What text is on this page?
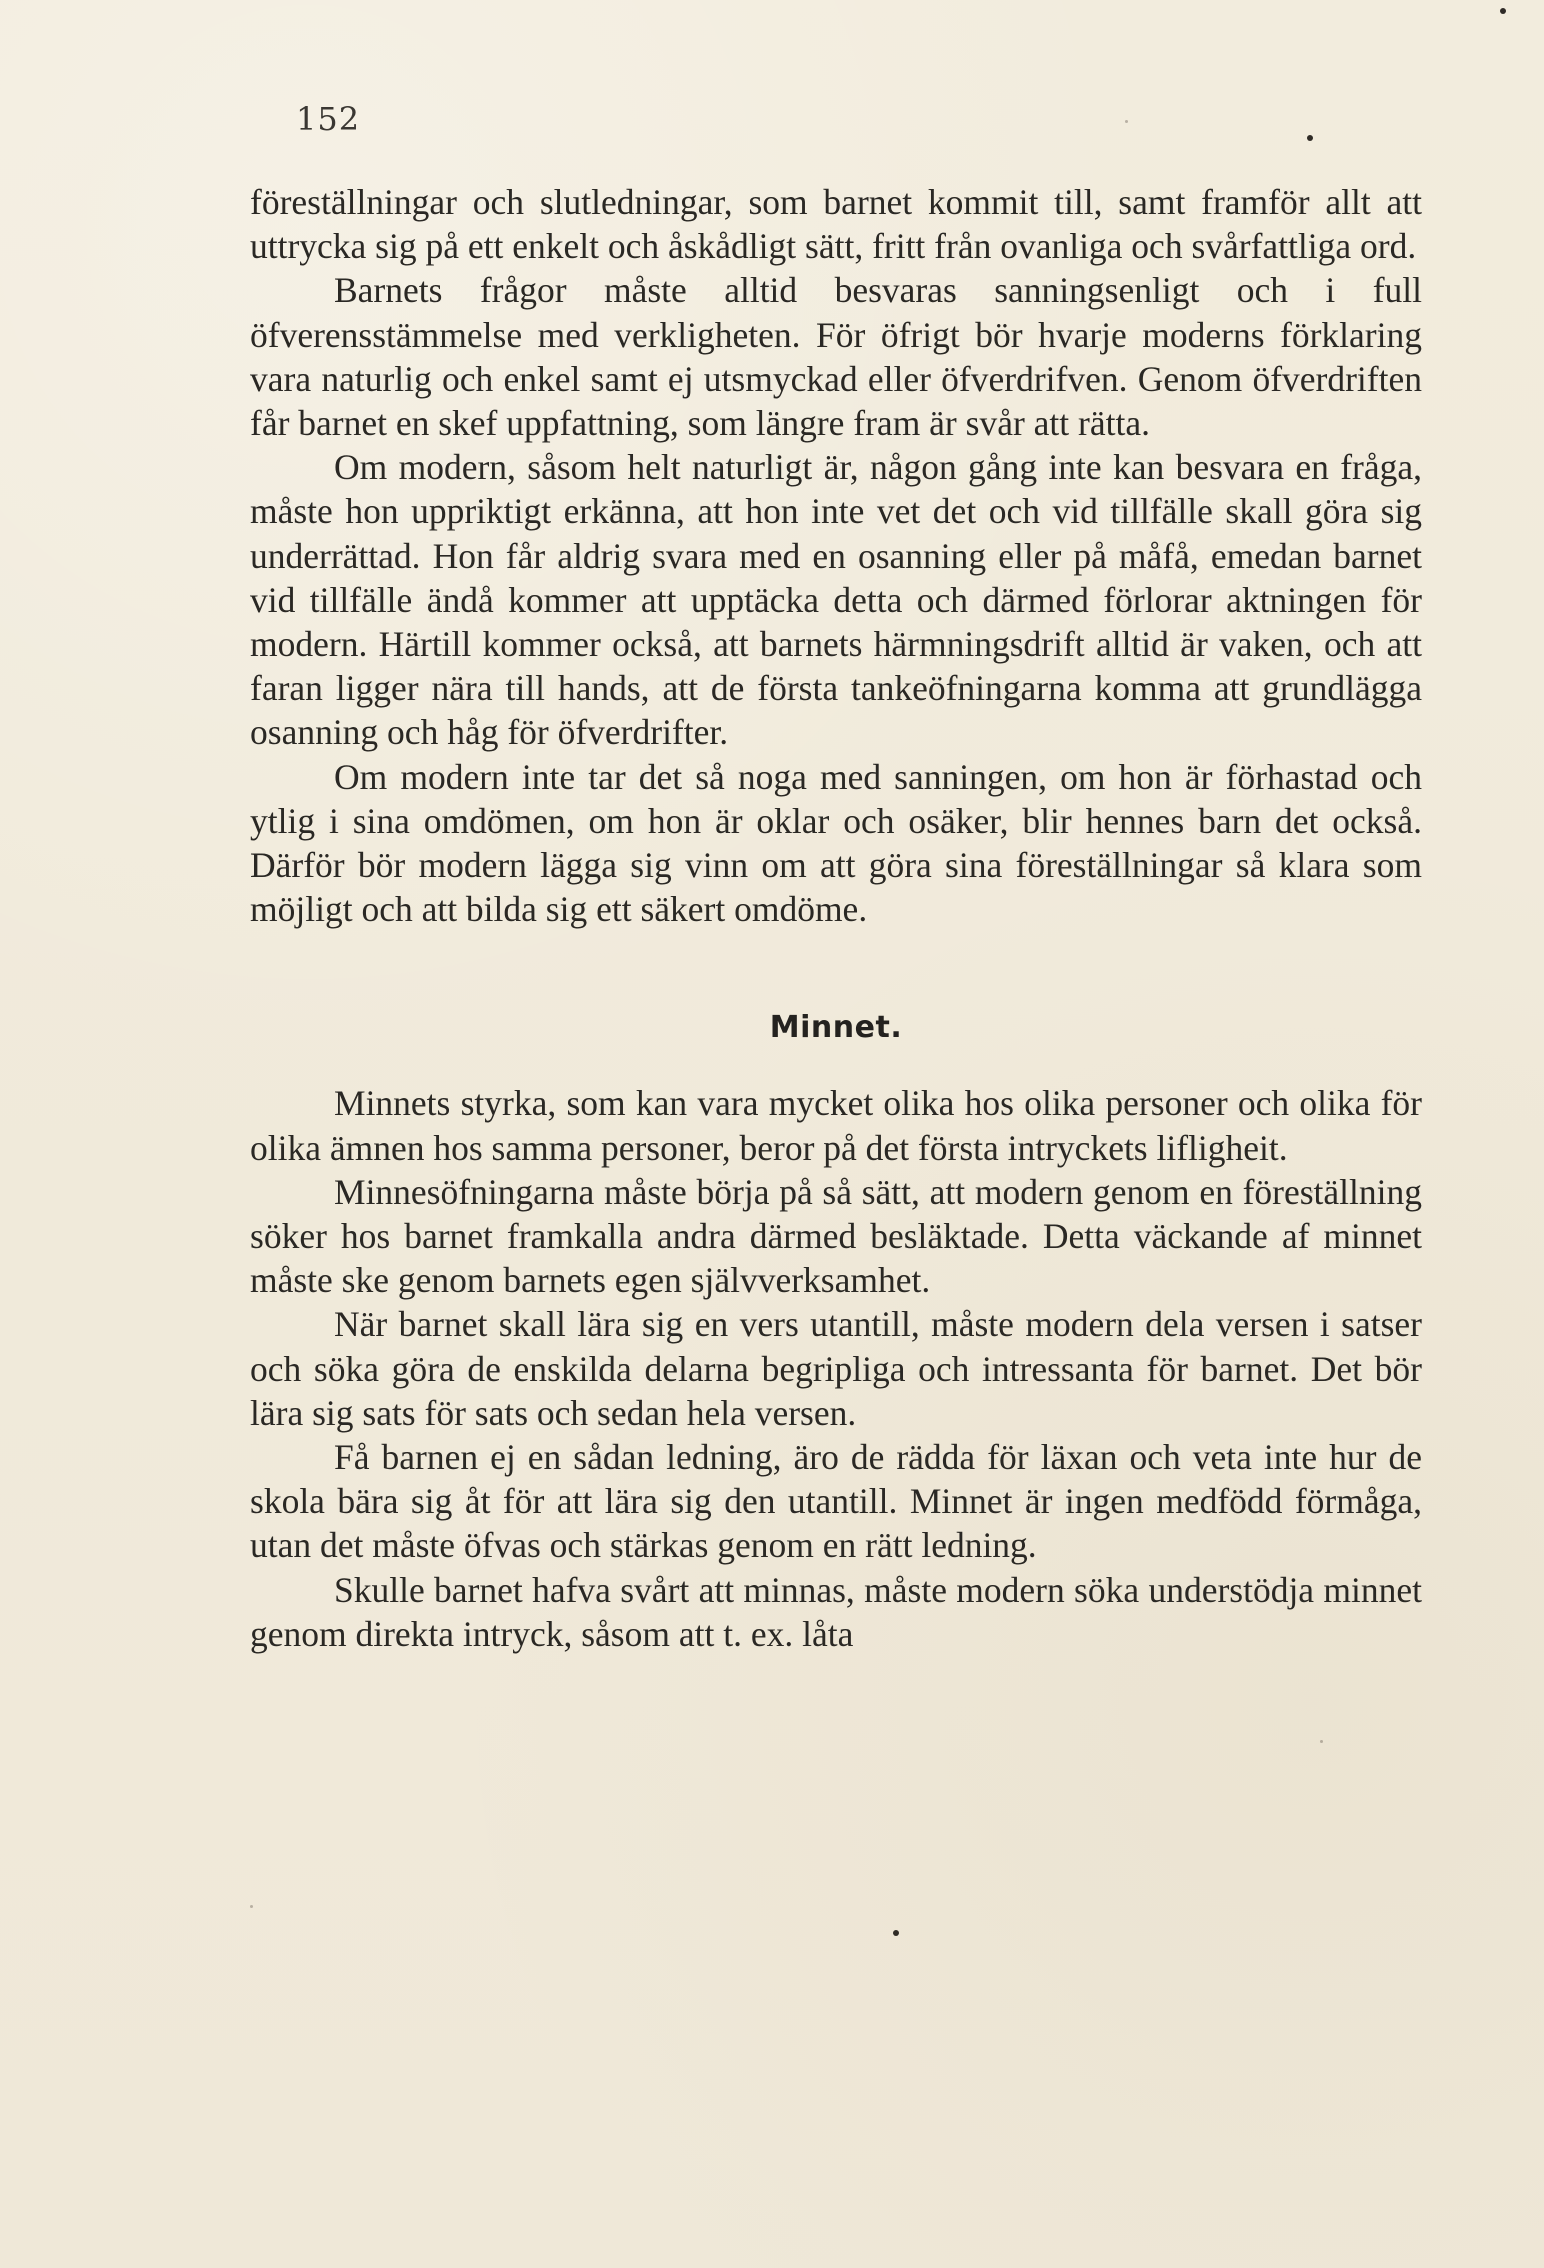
152

föreställningar och slutledningar, som barnet kommit till, samt framför allt att uttrycka sig på ett enkelt och åskådligt sätt, fritt från ovanliga och svårfattliga ord.

Barnets frågor måste alltid besvaras sanningsenligt och i full öfverensstämmelse med verkligheten. För öfrigt bör hvarje moderns förklaring vara naturlig och enkel samt ej utsmyckad eller öfverdrifven. Genom öfverdriften får barnet en skef uppfattning, som längre fram är svår att rätta.

Om modern, såsom helt naturligt är, någon gång inte kan besvara en fråga, måste hon uppriktigt erkänna, att hon inte vet det och vid tillfälle skall göra sig underrättad. Hon får aldrig svara med en osanning eller på måfå, emedan barnet vid tillfälle ändå kommer att upptäcka detta och därmed förlorar aktningen för modern. Härtill kommer också, att barnets härmningsdrift alltid är vaken, och att faran ligger nära till hands, att de första tankeöfningarna komma att grundlägga osanning och håg för öfverdrifter.

Om modern inte tar det så noga med sanningen, om hon är förhastad och ytlig i sina omdömen, om hon är oklar och osäker, blir hennes barn det också. Därför bör modern lägga sig vinn om att göra sina föreställningar så klara som möjligt och att bilda sig ett säkert omdöme.

Minnet.

Minnets styrka, som kan vara mycket olika hos olika personer och olika för olika ämnen hos samma personer, beror på det första intryckets lifligheit.

Minnesöfningarna måste börja på så sätt, att modern genom en föreställning söker hos barnet framkalla andra därmed besläktade. Detta väckande af minnet måste ske genom barnets egen självverksamhet.

När barnet skall lära sig en vers utantill, måste modern dela versen i satser och söka göra de enskilda delarna begripliga och intressanta för barnet. Det bör lära sig sats för sats och sedan hela versen.

Få barnen ej en sådan ledning, äro de rädda för läxan och veta inte hur de skola bära sig åt för att lära sig den utantill. Minnet är ingen medfödd förmåga, utan det måste öfvas och stärkas genom en rätt ledning.

Skulle barnet hafva svårt att minnas, måste modern söka understödja minnet genom direkta intryck, såsom att t. ex. låta
